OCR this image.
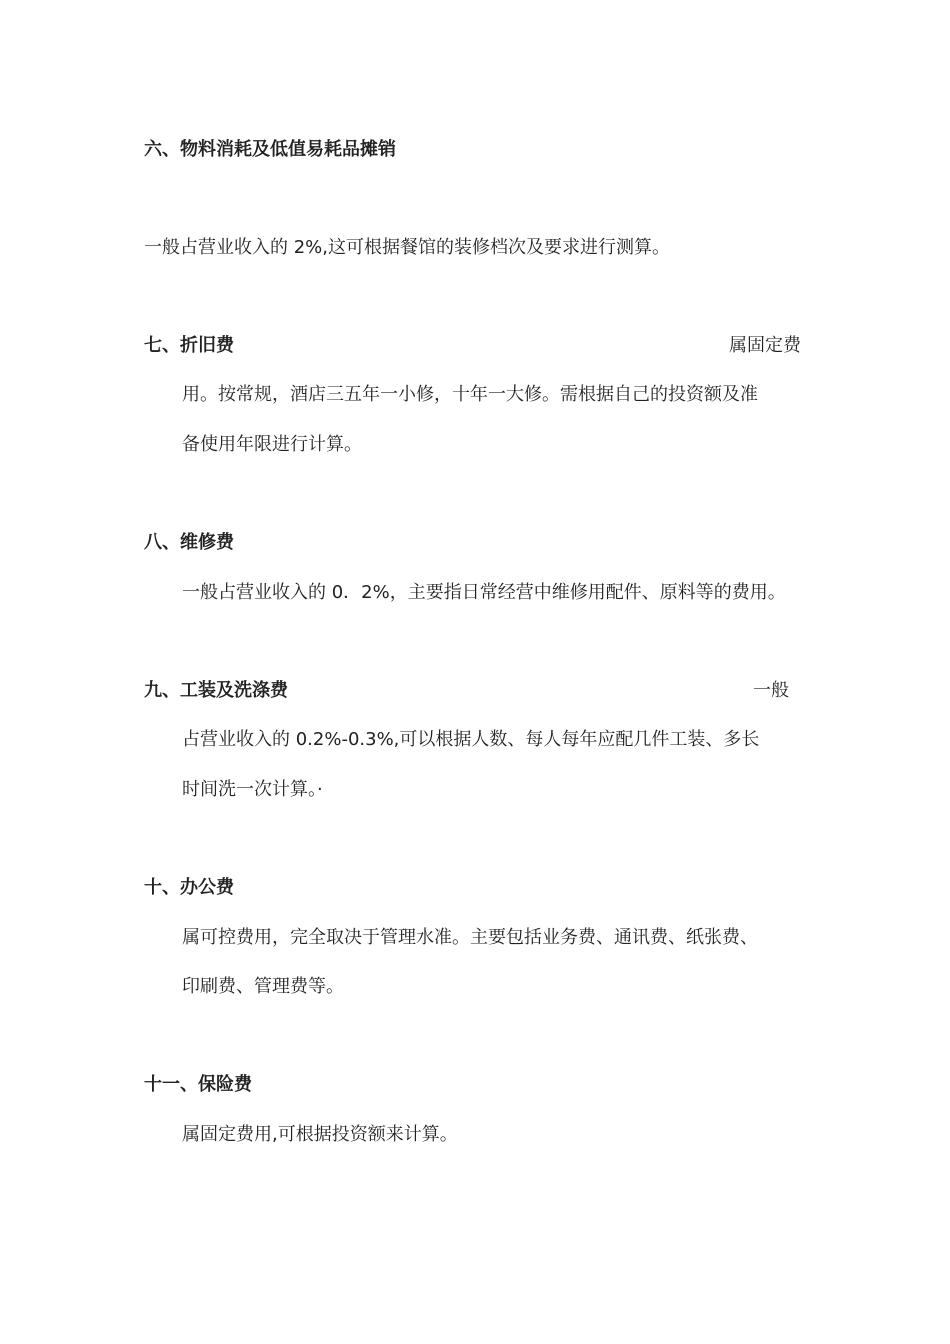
六、物料消耗及低值易耗品摊销
一般占营业收入的 2%,这可根据餐馆的装修档次及要求进行测算。
七、折旧费	属固定费
用。按常规，酒店三五年一小修，十年一大修。需根据自己的投资额及准
备使用年限进行计算。
八、维修费
一般占营业收入的 0．2%，主要指日常经营中维修用配件、原料等的费用。
九、工装及洗涤费	一般
占营业收入的 0.2%-0.3%,可以根据人数、每人每年应配几件工装、多长
时间洗一次计算。·
十、办公费
属可控费用，完全取决于管理水准。主要包括业务费、通讯费、纸张费、
印刷费、管理费等。
十一、保险费
属固定费用,可根据投资额来计算。
